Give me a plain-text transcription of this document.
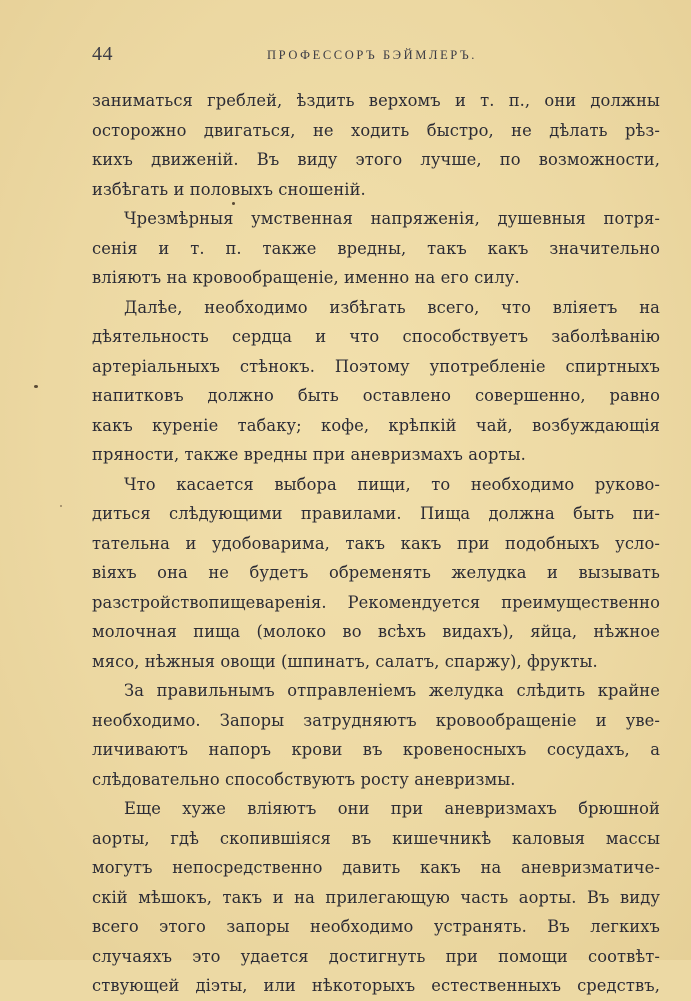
44	ПРОФЕССОРЪ БЭЙМЛЕРЪ.
заниматься греблей, ѣздить верхомъ и т. п., они должны
осторожно двигаться, не ходить быстро, не дѣлать рѣз-
кихъ движеній. Въ виду этого лучше, по возможности,
избѣгать и половыхъ сношеній.
Чрезмѣрныя умственная напряженія, душевныя потря-
сенія и т. п. также вредны, такъ какъ значительно
вліяютъ на кровообращеніе, именно на его силу.
Далѣе, необходимо избѣгать всего, что вліяетъ на
дѣятельность сердца и что способствуетъ заболѣванію
артеріальныхъ стѣнокъ. Поэтому употребленіе спиртныхъ
напитковъ должно быть оставлено совершенно, равно
какъ куреніе табаку; кофе, крѣпкій чай, возбуждающія
пряности, также вредны при аневризмахъ аорты.
Что касается выбора пищи, то необходимо руково-
диться слѣдующими правилами. Пища должна быть пи-
тательна и удобоварима, такъ какъ при подобныхъ усло-
віяхъ она не будетъ обременять желудка и вызывать
разстройствопищеваренія. Рекомендуется преимущественно
молочная пища (молоко во всѣхъ видахъ), яйца, нѣжное
мясо, нѣжныя овощи (шпинатъ, салатъ, спаржу), фрукты.
За правильнымъ отправленіемъ желудка слѣдить крайне
необходимо. Запоры затрудняютъ кровообращеніе и уве-
личиваютъ напоръ крови въ кровеносныхъ сосудахъ, а
слѣдовательно способствуютъ росту аневризмы.
Еще хуже вліяютъ они при аневризмахъ брюшной
аорты, гдѣ скопившіяся въ кишечникѣ каловыя массы
могутъ непосредственно давить какъ на аневризматиче-
скій мѣшокъ, такъ и на прилегающую часть аорты. Въ виду
всего этого запоры необходимо устранять. Въ легкихъ
случаяхъ это удается достигнуть при помощи соотвѣт-
ствующей діэты, или нѣкоторыхъ естественныхъ средствъ,
